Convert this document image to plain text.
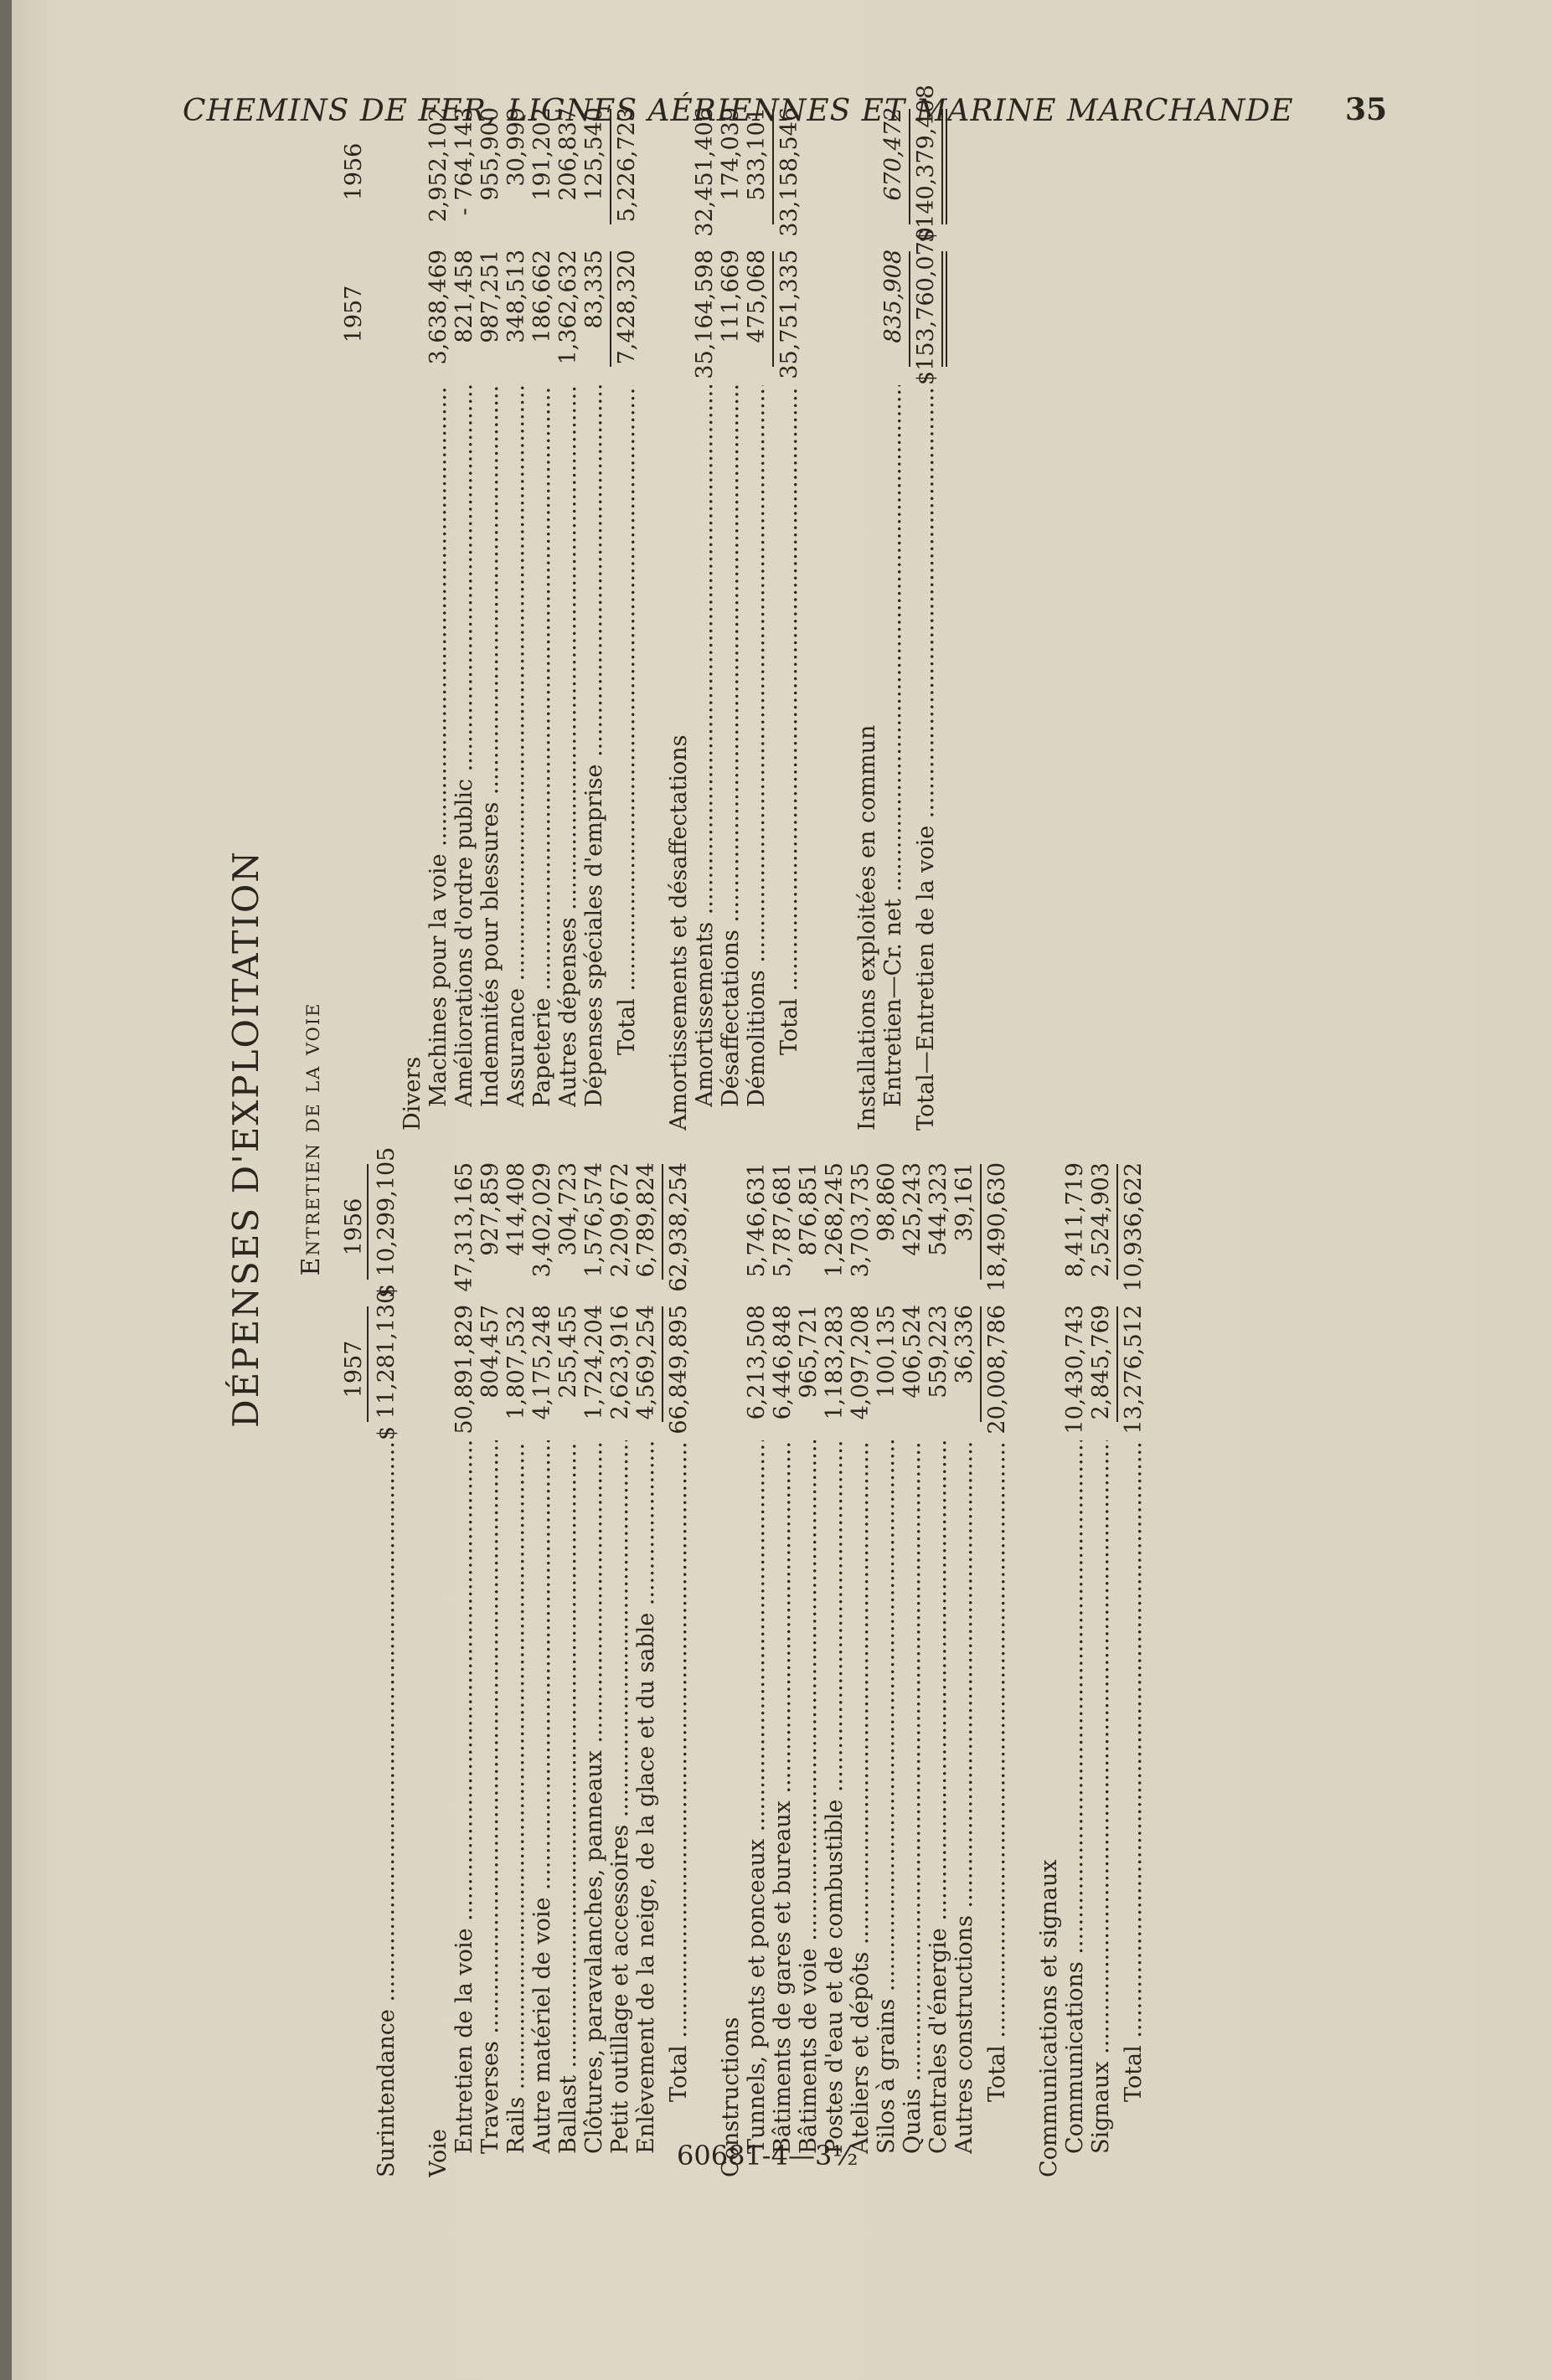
CHEMINS DE FER, LIGNES AÉRIENNES ET MARINE MARCHANDE	35
DÉPENSES D'EXPLOITATION Entretien de la voie
1957
1956
Surintendance .....
$ 11,281,130
$ 10,299,105
Voie Entretien de la voie .....
50,891,829
47,313,165
Traverses .....
804,457
927,859
Rails .....
1,807,532
414,408
Autre matériel de voie .....
4,175,248
3,402,029
Ballast .....
255,455
304,723
Clôtures, paravalanches, panneaux .....
1,724,204
1,576,574
Petit outillage et accessoires .....
2,623,916
2,209,672
Enlèvement de la neige, de la glace et du sable .....
4,569,254
6,789,824
Total .....
66,849,895
62,938,254
Constructions Tunnels, ponts et ponceaux .....
6,213,508
5,746,631
Bâtiments de gares et bureaux .....
6,446,848
5,787,681
Bâtiments de voie .....
965,721
876,851
Postes d'eau et de combustible .....
1,183,283
1,268,245
Ateliers et dépôts .....
4,097,208
3,703,735
Silos à grains .....
100,135
98,860
Quais .....
406,524
425,243
Centrales d'énergie .....
559,223
544,323
Autres constructions .....
36,336
39,161
Total .....
20,008,786
18,490,630
Communications et signaux Communications .....
10,430,743
8,411,719
Signaux .....
2,845,769
2,524,903
Total .....
13,276,512
10,936,622
1957
1956
Divers Machines pour la voie .....
3,638,469
2,952,102
Améliorations d'ordre public .....
821,458
- 764,143
Indemnités pour blessures .....
987,251
955,900
Assurance .....
348,513
30,999
Papeterie .....
186,662
191,202
Autres dépenses .....
1,362,632
206,837
Dépenses spéciales d'emprise .....
83,335
125,540
Total .....
7,428,320
5,226,723
Amortissements et désaffectations Amortissements .....
35,164,598
32,451,406
Désaffectations .....
111,669
174,039
Démolitions .....
475,068
533,101
Total .....
35,751,335
33,158,546
Installations exploitées en commun Entretien—Cr. net .....
835,908
670,472
Total—Entretien de la voie .....
$153,760,070
$140,379,408
60681-4—3½
